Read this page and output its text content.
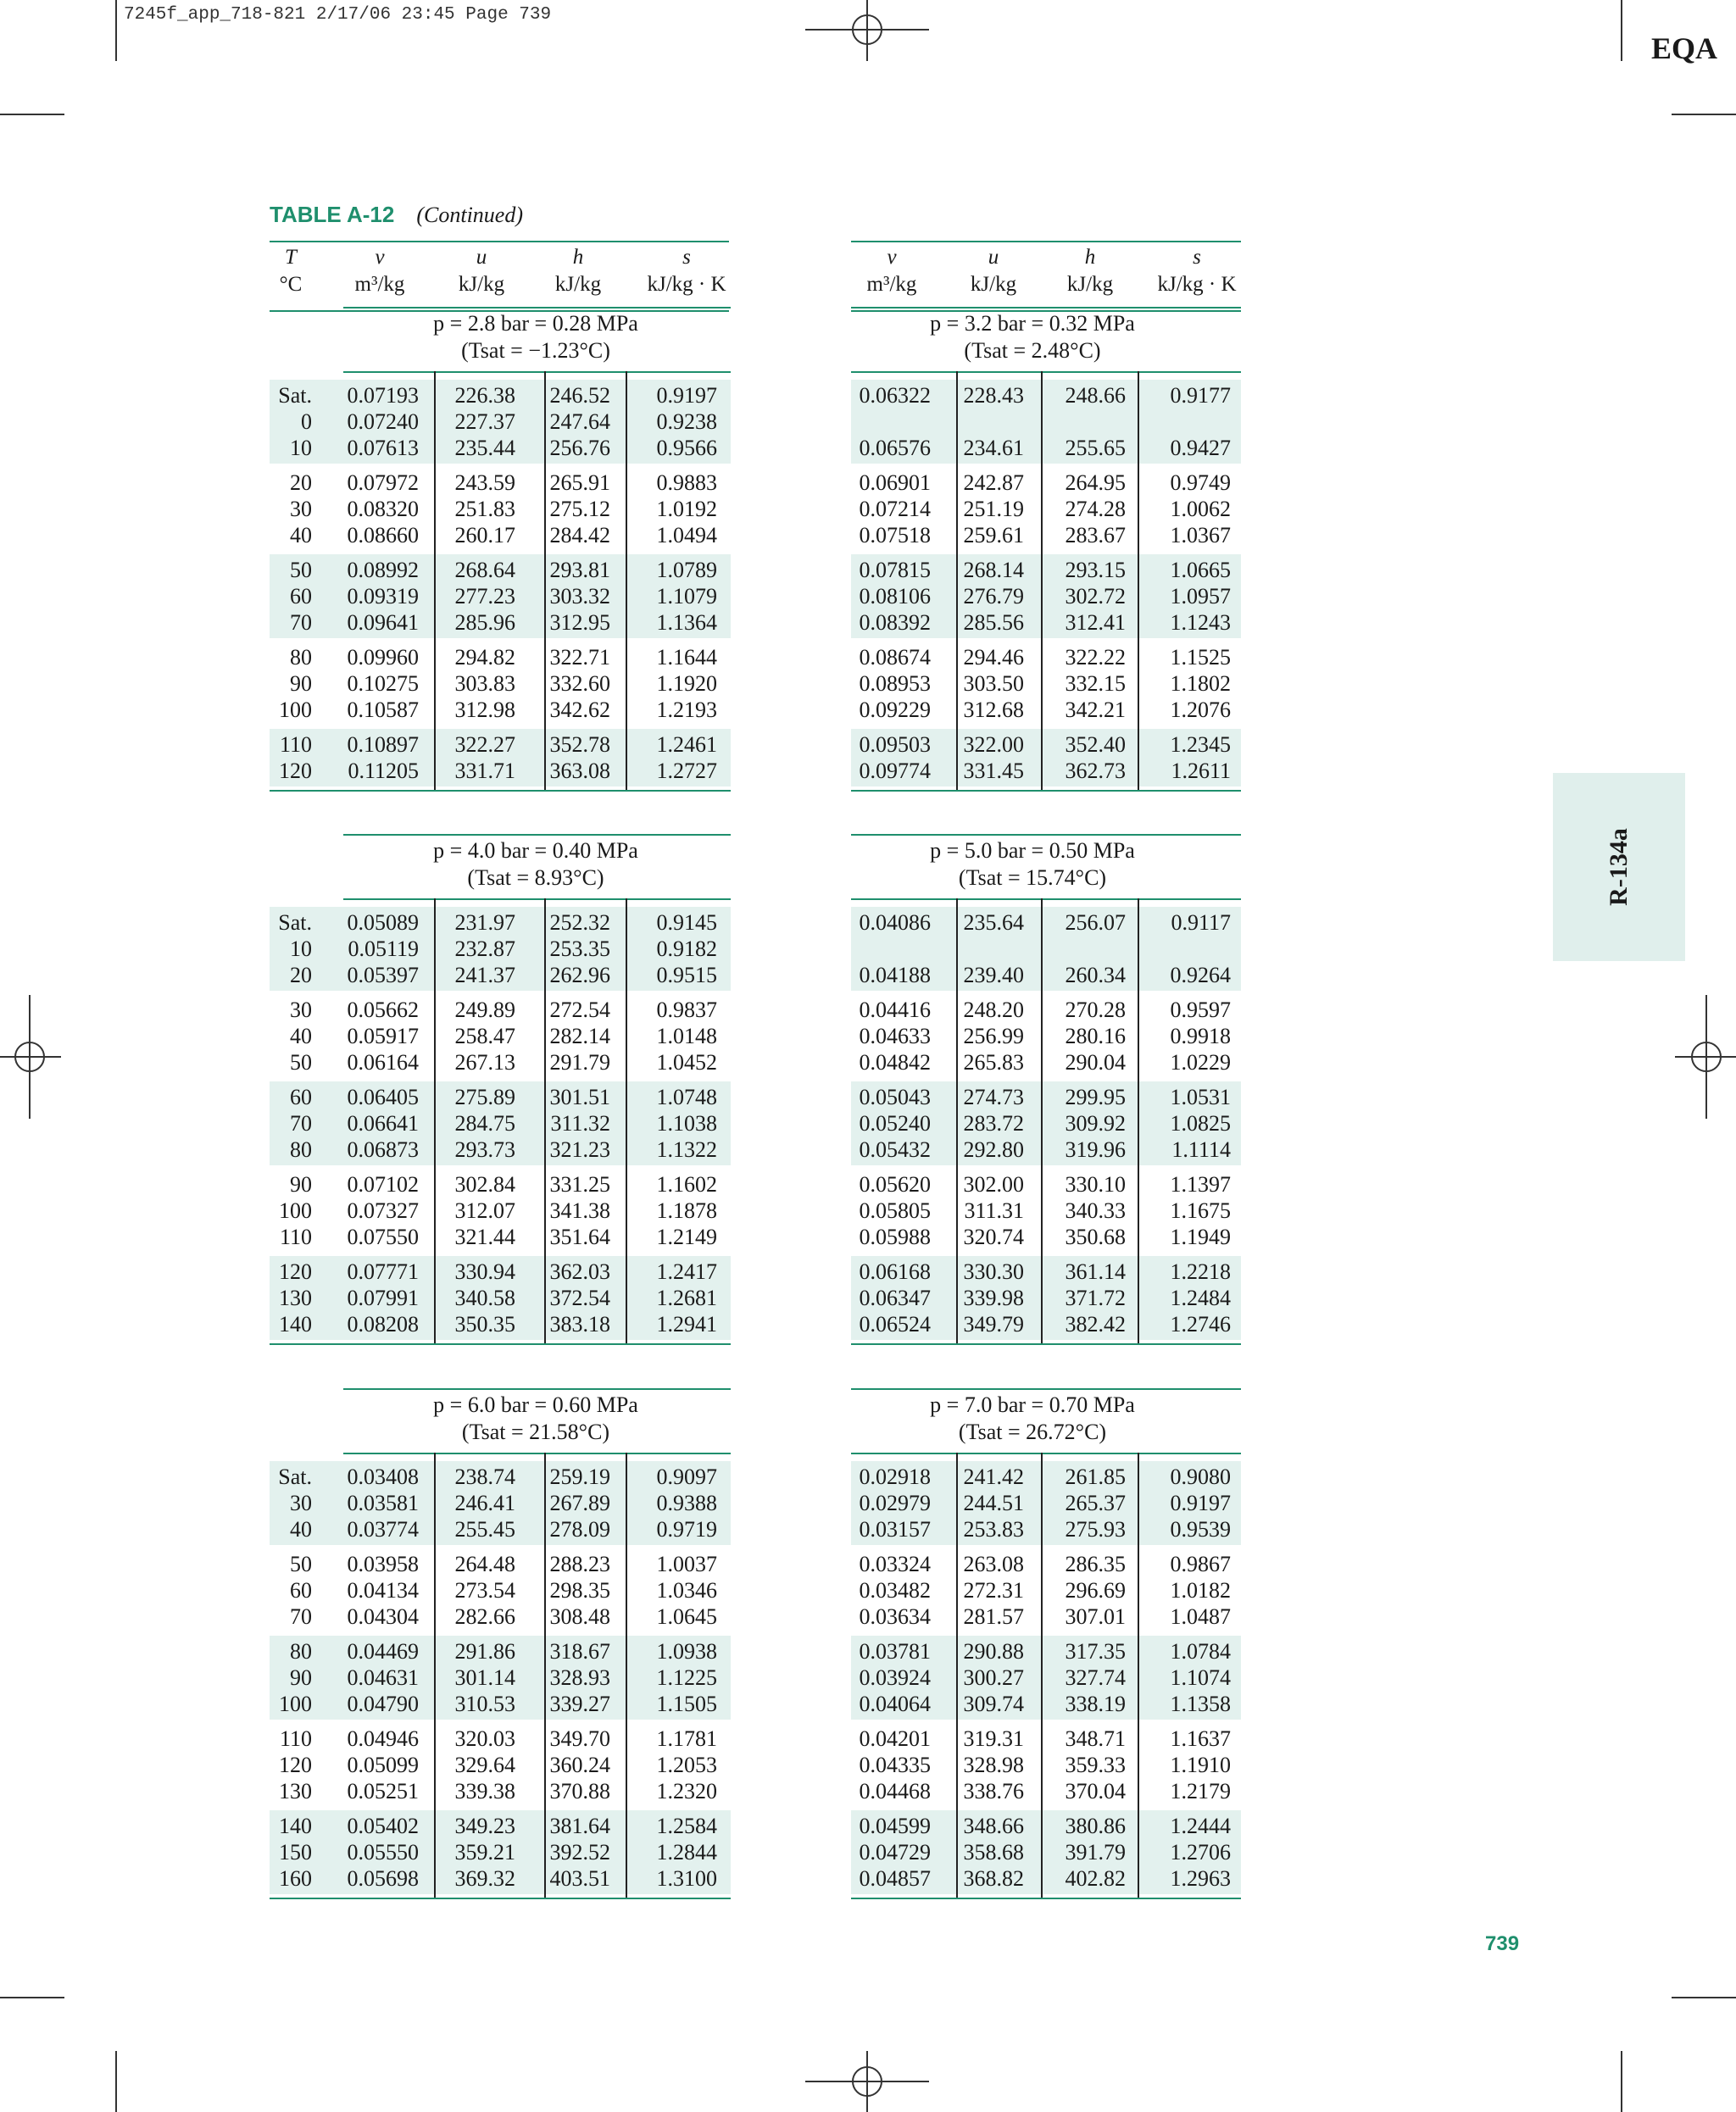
7245f_app_718-821 2/17/06 23:45 Page 739
EQA
R-134a
739
TABLE A-12 (Continued)
T
°C
v
m³/kg
u
kJ/kg
h
kJ/kg
s
kJ/kg · K
v
m³/kg
u
kJ/kg
h
kJ/kg
s
kJ/kg · K
p = 2.8 bar = 0.28 MPa
(Tsat = −1.23°C)
p = 3.2 bar = 0.32 MPa
(Tsat = 2.48°C)
Sat. 0.07193 226.38 246.52 0.9197
0 0.07240 227.37 247.64 0.9238
10 0.07613 235.44 256.76 0.9566
20 0.07972 243.59 265.91 0.9883
30 0.08320 251.83 275.12 1.0192
40 0.08660 260.17 284.42 1.0494
50 0.08992 268.64 293.81 1.0789
60 0.09319 277.23 303.32 1.1079
70 0.09641 285.96 312.95 1.1364
80 0.09960 294.82 322.71 1.1644
90 0.10275 303.83 332.60 1.1920
100 0.10587 312.98 342.62 1.2193
110 0.10897 322.27 352.78 1.2461
120 0.11205 331.71 363.08 1.2727
0.06322 228.43 248.66 0.9177
0.06576 234.61 255.65 0.9427
0.06901 242.87 264.95 0.9749
0.07214 251.19 274.28 1.0062
0.07518 259.61 283.67 1.0367
0.07815 268.14 293.15 1.0665
0.08106 276.79 302.72 1.0957
0.08392 285.56 312.41 1.1243
0.08674 294.46 322.22 1.1525
0.08953 303.50 332.15 1.1802
0.09229 312.68 342.21 1.2076
0.09503 322.00 352.40 1.2345
0.09774 331.45 362.73 1.2611
p = 4.0 bar = 0.40 MPa
(Tsat = 8.93°C)
p = 5.0 bar = 0.50 MPa
(Tsat = 15.74°C)
Sat. 0.05089 231.97 252.32 0.9145
10 0.05119 232.87 253.35 0.9182
20 0.05397 241.37 262.96 0.9515
30 0.05662 249.89 272.54 0.9837
40 0.05917 258.47 282.14 1.0148
50 0.06164 267.13 291.79 1.0452
60 0.06405 275.89 301.51 1.0748
70 0.06641 284.75 311.32 1.1038
80 0.06873 293.73 321.23 1.1322
90 0.07102 302.84 331.25 1.1602
100 0.07327 312.07 341.38 1.1878
110 0.07550 321.44 351.64 1.2149
120 0.07771 330.94 362.03 1.2417
130 0.07991 340.58 372.54 1.2681
140 0.08208 350.35 383.18 1.2941
0.04086 235.64 256.07 0.9117
0.04188 239.40 260.34 0.9264
0.04416 248.20 270.28 0.9597
0.04633 256.99 280.16 0.9918
0.04842 265.83 290.04 1.0229
0.05043 274.73 299.95 1.0531
0.05240 283.72 309.92 1.0825
0.05432 292.80 319.96 1.1114
0.05620 302.00 330.10 1.1397
0.05805 311.31 340.33 1.1675
0.05988 320.74 350.68 1.1949
0.06168 330.30 361.14 1.2218
0.06347 339.98 371.72 1.2484
0.06524 349.79 382.42 1.2746
p = 6.0 bar = 0.60 MPa
(Tsat = 21.58°C)
p = 7.0 bar = 0.70 MPa
(Tsat = 26.72°C)
Sat. 0.03408 238.74 259.19 0.9097
30 0.03581 246.41 267.89 0.9388
40 0.03774 255.45 278.09 0.9719
50 0.03958 264.48 288.23 1.0037
60 0.04134 273.54 298.35 1.0346
70 0.04304 282.66 308.48 1.0645
80 0.04469 291.86 318.67 1.0938
90 0.04631 301.14 328.93 1.1225
100 0.04790 310.53 339.27 1.1505
110 0.04946 320.03 349.70 1.1781
120 0.05099 329.64 360.24 1.2053
130 0.05251 339.38 370.88 1.2320
140 0.05402 349.23 381.64 1.2584
150 0.05550 359.21 392.52 1.2844
160 0.05698 369.32 403.51 1.3100
0.02918 241.42 261.85 0.9080
0.02979 244.51 265.37 0.9197
0.03157 253.83 275.93 0.9539
0.03324 263.08 286.35 0.9867
0.03482 272.31 296.69 1.0182
0.03634 281.57 307.01 1.0487
0.03781 290.88 317.35 1.0784
0.03924 300.27 327.74 1.1074
0.04064 309.74 338.19 1.1358
0.04201 319.31 348.71 1.1637
0.04335 328.98 359.33 1.1910
0.04468 338.76 370.04 1.2179
0.04599 348.66 380.86 1.2444
0.04729 358.68 391.79 1.2706
0.04857 368.82 402.82 1.2963
